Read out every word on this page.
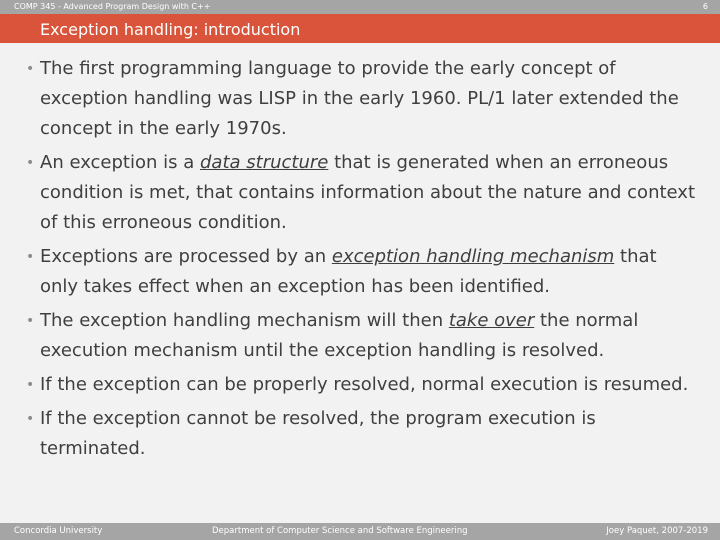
COMP 345 - Advanced Program Design with C++	6
Exception handling: introduction
• The first programming language to provide the early concept of exception handling was LISP in the early 1960. PL/1 later extended the concept in the early 1970s.
• An exception is a data structure that is generated when an erroneous condition is met, that contains information about the nature and context of this erroneous condition.
• Exceptions are processed by an exception handling mechanism that only takes effect when an exception has been identified.
• The exception handling mechanism will then take over the normal execution mechanism until the exception handling is resolved.
• If the exception can be properly resolved, normal execution is resumed.
• If the exception cannot be resolved, the program execution is terminated.
Concordia University	Department of Computer Science and Software Engineering	Joey Paquet, 2007-2019
